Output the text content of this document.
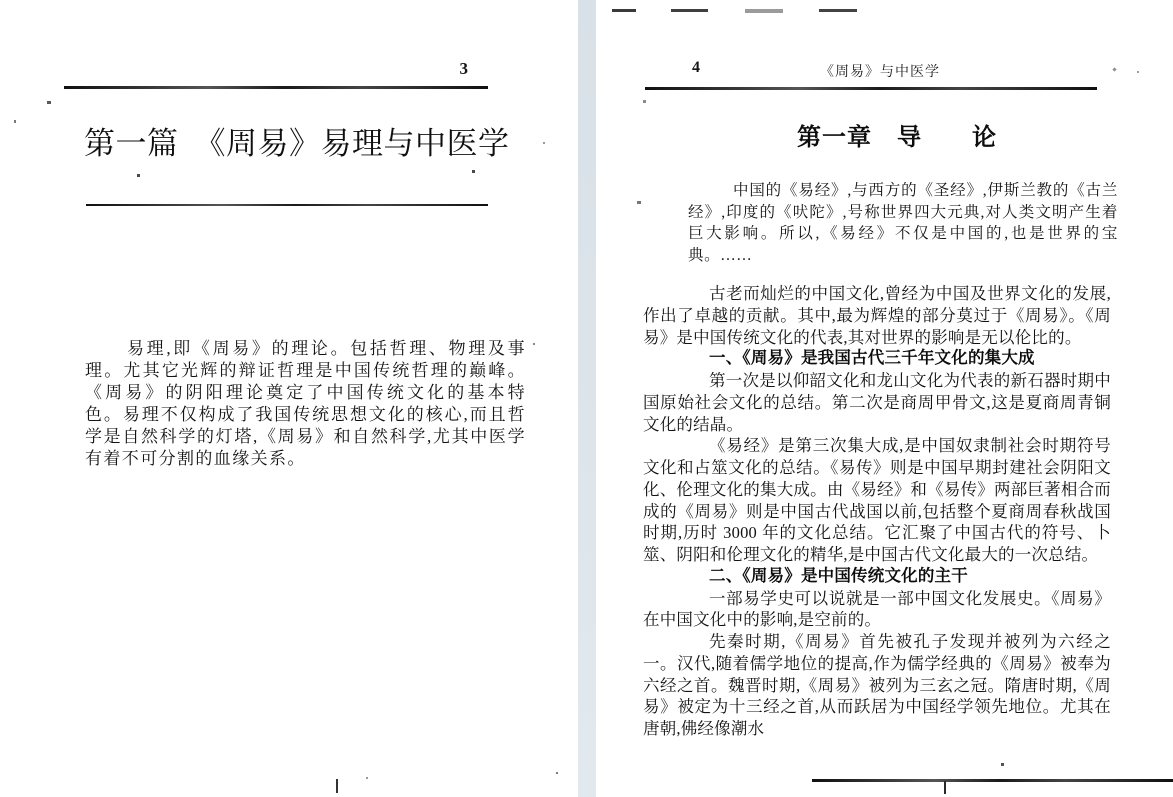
3
第一篇　《周易》易理与中医学

易理,即《周易》的理论。包括哲理、物理及事理。尤其它光辉的辩证哲理是中国传统哲理的巅峰。《周易》的阴阳理论奠定了中国传统文化的基本特色。易理不仅构成了我国传统思想文化的核心,而且哲学是自然科学的灯塔,《周易》和自然科学,尤其中医学有着不可分割的血缘关系。

4	《周易》与中医学
第一章　导　　论

中国的《易经》,与西方的《圣经》,伊斯兰教的《古兰经》,印度的《吠陀》,号称世界四大元典,对人类文明产生着巨大影响。所以,《易经》不仅是中国的,也是世界的宝典。……

古老而灿烂的中国文化,曾经为中国及世界文化的发展,作出了卓越的贡献。其中,最为辉煌的部分莫过于《周易》。《周易》是中国传统文化的代表,其对世界的影响是无以伦比的。

一、《周易》是我国古代三千年文化的集大成

第一次是以仰韶文化和龙山文化为代表的新石器时期中国原始社会文化的总结。第二次是商周甲骨文,这是夏商周青铜文化的结晶。

《易经》是第三次集大成,是中国奴隶制社会时期符号文化和占筮文化的总结。《易传》则是中国早期封建社会阴阳文化、伦理文化的集大成。由《易经》和《易传》两部巨著相合而成的《周易》则是中国古代战国以前,包括整个夏商周春秋战国时期,历时 3000 年的文化总结。它汇聚了中国古代的符号、卜筮、阴阳和伦理文化的精华,是中国古代文化最大的一次总结。

二、《周易》是中国传统文化的主干

一部易学史可以说就是一部中国文化发展史。《周易》在中国文化中的影响,是空前的。

先秦时期,《周易》首先被孔子发现并被列为六经之一。汉代,随着儒学地位的提高,作为儒学经典的《周易》被奉为六经之首。魏晋时期,《周易》被列为三玄之冠。隋唐时期,《周易》被定为十三经之首,从而跃居为中国经学领先地位。尤其在唐朝,佛经像潮水
